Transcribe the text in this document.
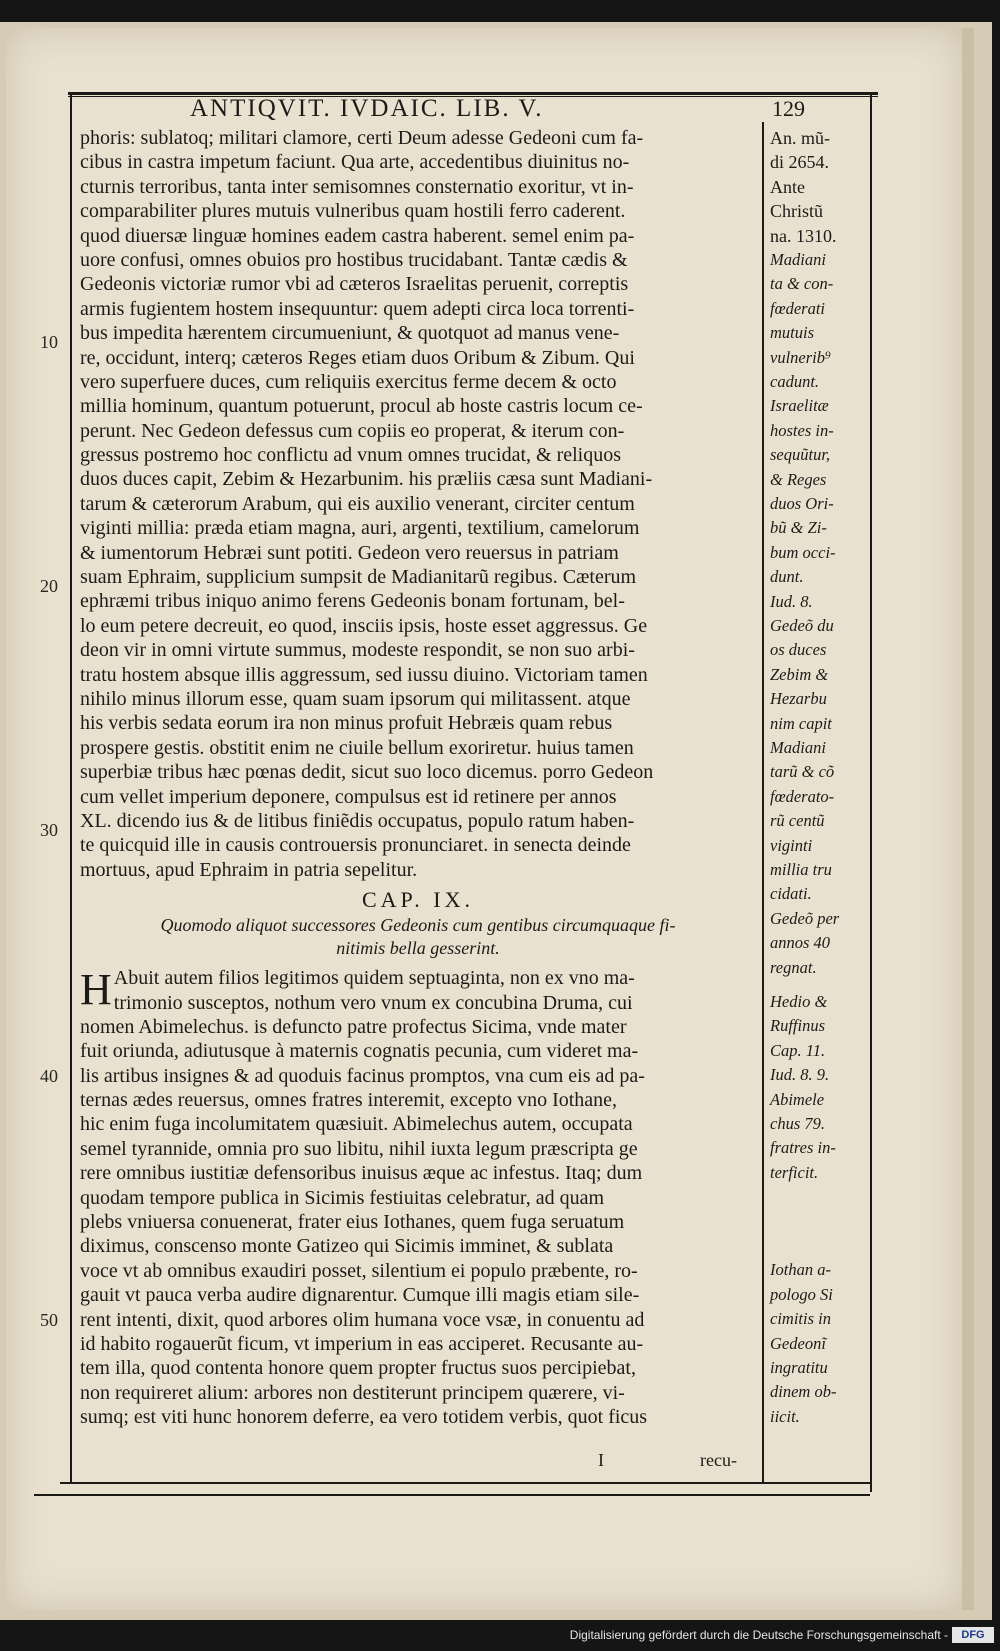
ANTIQVIT. IVDAIC. LIB. V.	129
phoris: sublatoq; militari clamore, certi Deum adesse Gedeoni cum fa-
cibus in castra impetum faciunt. Qua arte, accedentibus diuinitus no-
cturnis terroribus, tanta inter semisomnes consternatio exoritur, vt in-
comparabiliter plures mutuis vulneribus quam hostili ferro caderent.
quod diuersæ linguæ homines eadem castra haberent. semel enim pa-
uore confusi, omnes obuios pro hostibus trucidabant. Tantæ cædis &
Gedeonis victoriæ rumor vbi ad cæteros Israelitas peruenit, correptis
armis fugientem hostem insequuntur: quem adepti circa loca torrenti-
bus impedita hærentem circumueniunt, & quotquot ad manus vene-
re, occidunt, interq; cæteros Reges etiam duos Oribum & Zibum. Qui
vero superfuere duces, cum reliquiis exercitus ferme decem & octo
millia hominum, quantum potuerunt, procul ab hoste castris locum ce-
perunt. Nec Gedeon defessus cum copiis eo properat, & iterum con-
gressus postremo hoc conflictu ad vnum omnes trucidat, & reliquos
duos duces capit, Zebim & Hezarbunim. his præliis cæsa sunt Madiani-
tarum & cæterorum Arabum, qui eis auxilio venerant, circiter centum
viginti millia: præda etiam magna, auri, argenti, textilium, camelorum
& iumentorum Hebræi sunt potiti. Gedeon vero reuersus in patriam
suam Ephraim, supplicium sumpsit de Madianitarũ regibus. Cæterum
ephræmi tribus iniquo animo ferens Gedeonis bonam fortunam, bel-
lo eum petere decreuit, eo quod, insciis ipsis, hoste esset aggressus. Ge
deon vir in omni virtute summus, modeste respondit, se non suo arbi-
tratu hostem absque illis aggressum, sed iussu diuino. Victoriam tamen
nihilo minus illorum esse, quam suam ipsorum qui militassent. atque
his verbis sedata eorum ira non minus profuit Hebræis quam rebus
prospere gestis. obstitit enim ne ciuile bellum exoriretur. huius tamen
superbiæ tribus hæc pœnas dedit, sicut suo loco dicemus. porro Gedeon
cum vellet imperium deponere, compulsus est id retinere per annos
XL. dicendo ius & de litibus finiẽdis occupatus, populo ratum haben-
te quicquid ille in causis controuersis pronunciaret. in senecta deinde
mortuus, apud Ephraim in patria sepelitur.
CAP. IX.
Quomodo aliquot successores Gedeonis cum gentibus circumquaque fi-
nitimis bella gesserint.
H Abuit autem filios legitimos quidem septuaginta, non ex vno ma-
trimonio susceptos, nothum vero vnum ex concubina Druma, cui
nomen Abimelechus. is defuncto patre profectus Sicima, vnde mater
fuit oriunda, adiutusque à maternis cognatis pecunia, cum videret ma-
lis artibus insignes & ad quoduis facinus promptos, vna cum eis ad pa-
ternas ædes reuersus, omnes fratres interemit, excepto vno Iothane,
hic enim fuga incolumitatem quæsiuit. Abimelechus autem, occupata
semel tyrannide, omnia pro suo libitu, nihil iuxta legum præscripta ge
rere omnibus iustitiæ defensoribus inuisus æque ac infestus. Itaq; dum
quodam tempore publica in Sicimis festiuitas celebratur, ad quam
plebs vniuersa conuenerat, frater eius Iothanes, quem fuga seruatum
diximus, conscenso monte Gatizeo qui Sicimis imminet, & sublata
voce vt ab omnibus exaudiri posset, silentium ei populo præbente, ro-
gauit vt pauca verba audire dignarentur. Cumque illi magis etiam sile-
rent intenti, dixit, quod arbores olim humana voce vsæ, in conuentu ad
id habito rogauerũt ficum, vt imperium in eas acciperet. Recusante au-
tem illa, quod contenta honore quem propter fructus suos percipiebat,
non requireret alium: arbores non destiterunt principem quærere, vi-
sumq; est viti hunc honorem deferre, ea vero totidem verbis, quot ficus
An. mũ-
di 2654.
Ante
Christũ
na. 1310.
Madiani
ta & con-
fœderati
mutuis
vulnerib⁹
cadunt.
Israelitæ
hostes in-
sequũtur,
& Reges
duos Ori-
bũ & Zi-
bum occi-
dunt.
Iud. 8.
Gedeõ du
os duces
Zebim &
Hezarbu
nim capit
Madiani
tarũ & cõ
fœderato-
rũ centũ
viginti
millia tru
cidati.
Gedeõ per
annos 40
regnat.
Hedio &
Ruffinus
Cap. 11.
Iud. 8. 9.
Abimele
chus 79.
fratres in-
terficit.
Iothan a-
pologo Si
cimitis in
Gedeonĩ
ingratitu
dinem ob-
iicit.
10
20
30
40
50
I	recu-
Digitalisierung gefördert durch die Deutsche Forschungsgemeinschaft -	DFG
